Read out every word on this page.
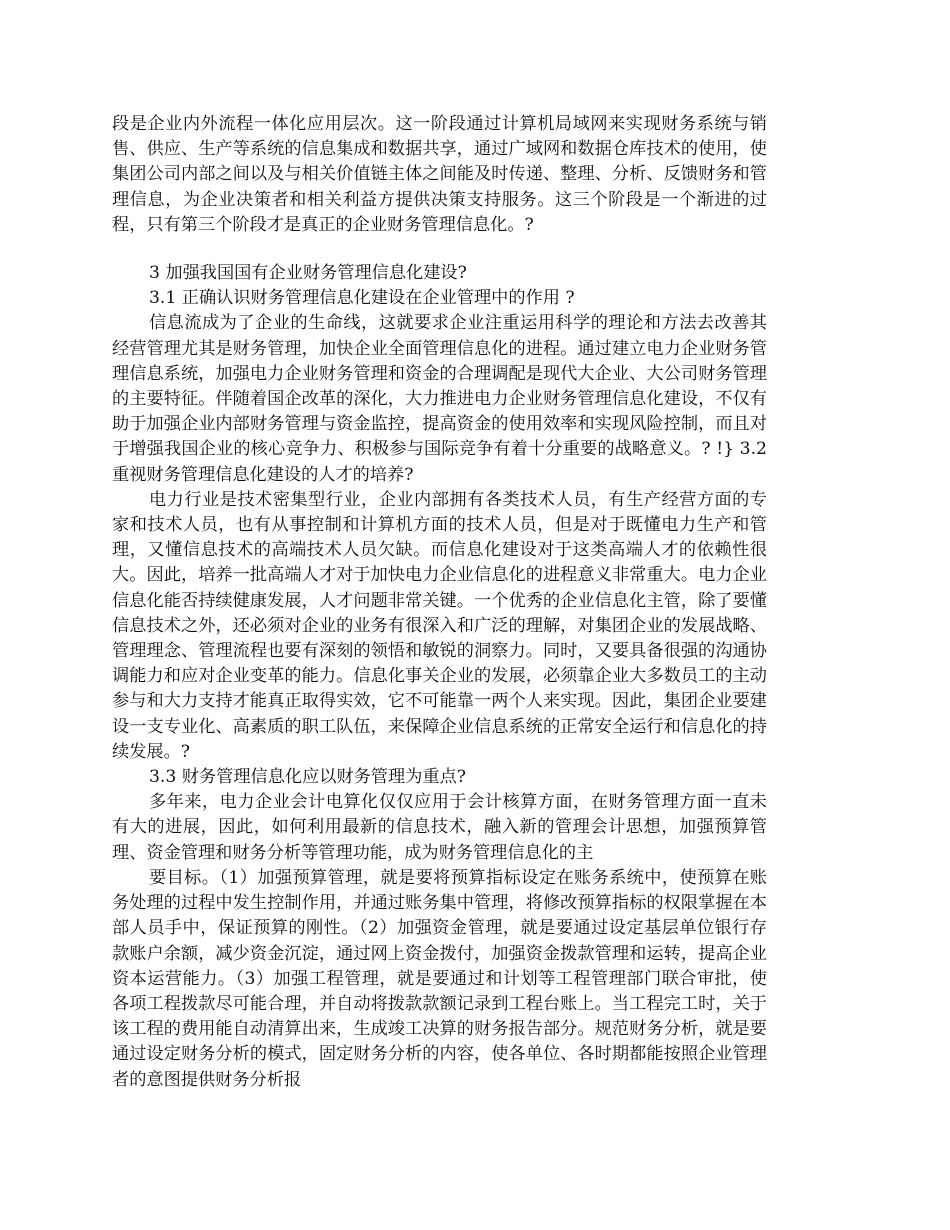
段是企业内外流程一体化应用层次。这一阶段通过计算机局域网来实现财务系统与销售、供应、生产等系统的信息集成和数据共享，通过广域网和数据仓库技术的使用，使集团公司内部之间以及与相关价值链主体之间能及时传递、整理、分析、反馈财务和管理信息，为企业决策者和相关利益方提供决策支持服务。这三个阶段是一个渐进的过程，只有第三个阶段才是真正的企业财务管理信息化。?

3 加强我国国有企业财务管理信息化建设?

3.1 正确认识财务管理信息化建设在企业管理中的作用 ?

信息流成为了企业的生命线，这就要求企业注重运用科学的理论和方法去改善其经营管理尤其是财务管理，加快企业全面管理信息化的进程。通过建立电力企业财务管理信息系统，加强电力企业财务管理和资金的合理调配是现代大企业、大公司财务管理的主要特征。伴随着国企改革的深化，大力推进电力企业财务管理信息化建设，不仅有助于加强企业内部财务管理与资金监控，提高资金的使用效率和实现风险控制，而且对于增强我国企业的核心竞争力、积极参与国际竞争有着十分重要的战略意义。? !} 3.2 重视财务管理信息化建设的人才的培养?

电力行业是技术密集型行业，企业内部拥有各类技术人员，有生产经营方面的专家和技术人员，也有从事控制和计算机方面的技术人员，但是对于既懂电力生产和管理，又懂信息技术的高端技术人员欠缺。而信息化建设对于这类高端人才的依赖性很大。因此，培养一批高端人才对于加快电力企业信息化的进程意义非常重大。电力企业信息化能否持续健康发展，人才问题非常关键。一个优秀的企业信息化主管，除了要懂信息技术之外，还必须对企业的业务有很深入和广泛的理解，对集团企业的发展战略、管理理念、管理流程也要有深刻的领悟和敏锐的洞察力。同时，又要具备很强的沟通协调能力和应对企业变革的能力。信息化事关企业的发展，必须靠企业大多数员工的主动参与和大力支持才能真正取得实效，它不可能靠一两个人来实现。因此，集团企业要建设一支专业化、高素质的职工队伍，来保障企业信息系统的正常安全运行和信息化的持续发展。?

3.3 财务管理信息化应以财务管理为重点?

多年来，电力企业会计电算化仅仅应用于会计核算方面，在财务管理方面一直未有大的进展，因此，如何利用最新的信息技术，融入新的管理会计思想，加强预算管理、资金管理和财务分析等管理功能，成为财务管理信息化的主

要目标。（1）加强预算管理，就是要将预算指标设定在账务系统中，使预算在账务处理的过程中发生控制作用，并通过账务集中管理，将修改预算指标的权限掌握在本部人员手中，保证预算的刚性。（2）加强资金管理，就是要通过设定基层单位银行存款账户余额，减少资金沉淀，通过网上资金拨付，加强资金拨款管理和运转，提高企业资本运营能力。（3）加强工程管理，就是要通过和计划等工程管理部门联合审批，使各项工程拨款尽可能合理，并自动将拨款款额记录到工程台账上。当工程完工时，关于该工程的费用能自动清算出来，生成竣工决算的财务报告部分。规范财务分析，就是要通过设定财务分析的模式，固定财务分析的内容，使各单位、各时期都能按照企业管理者的意图提供财务分析报
